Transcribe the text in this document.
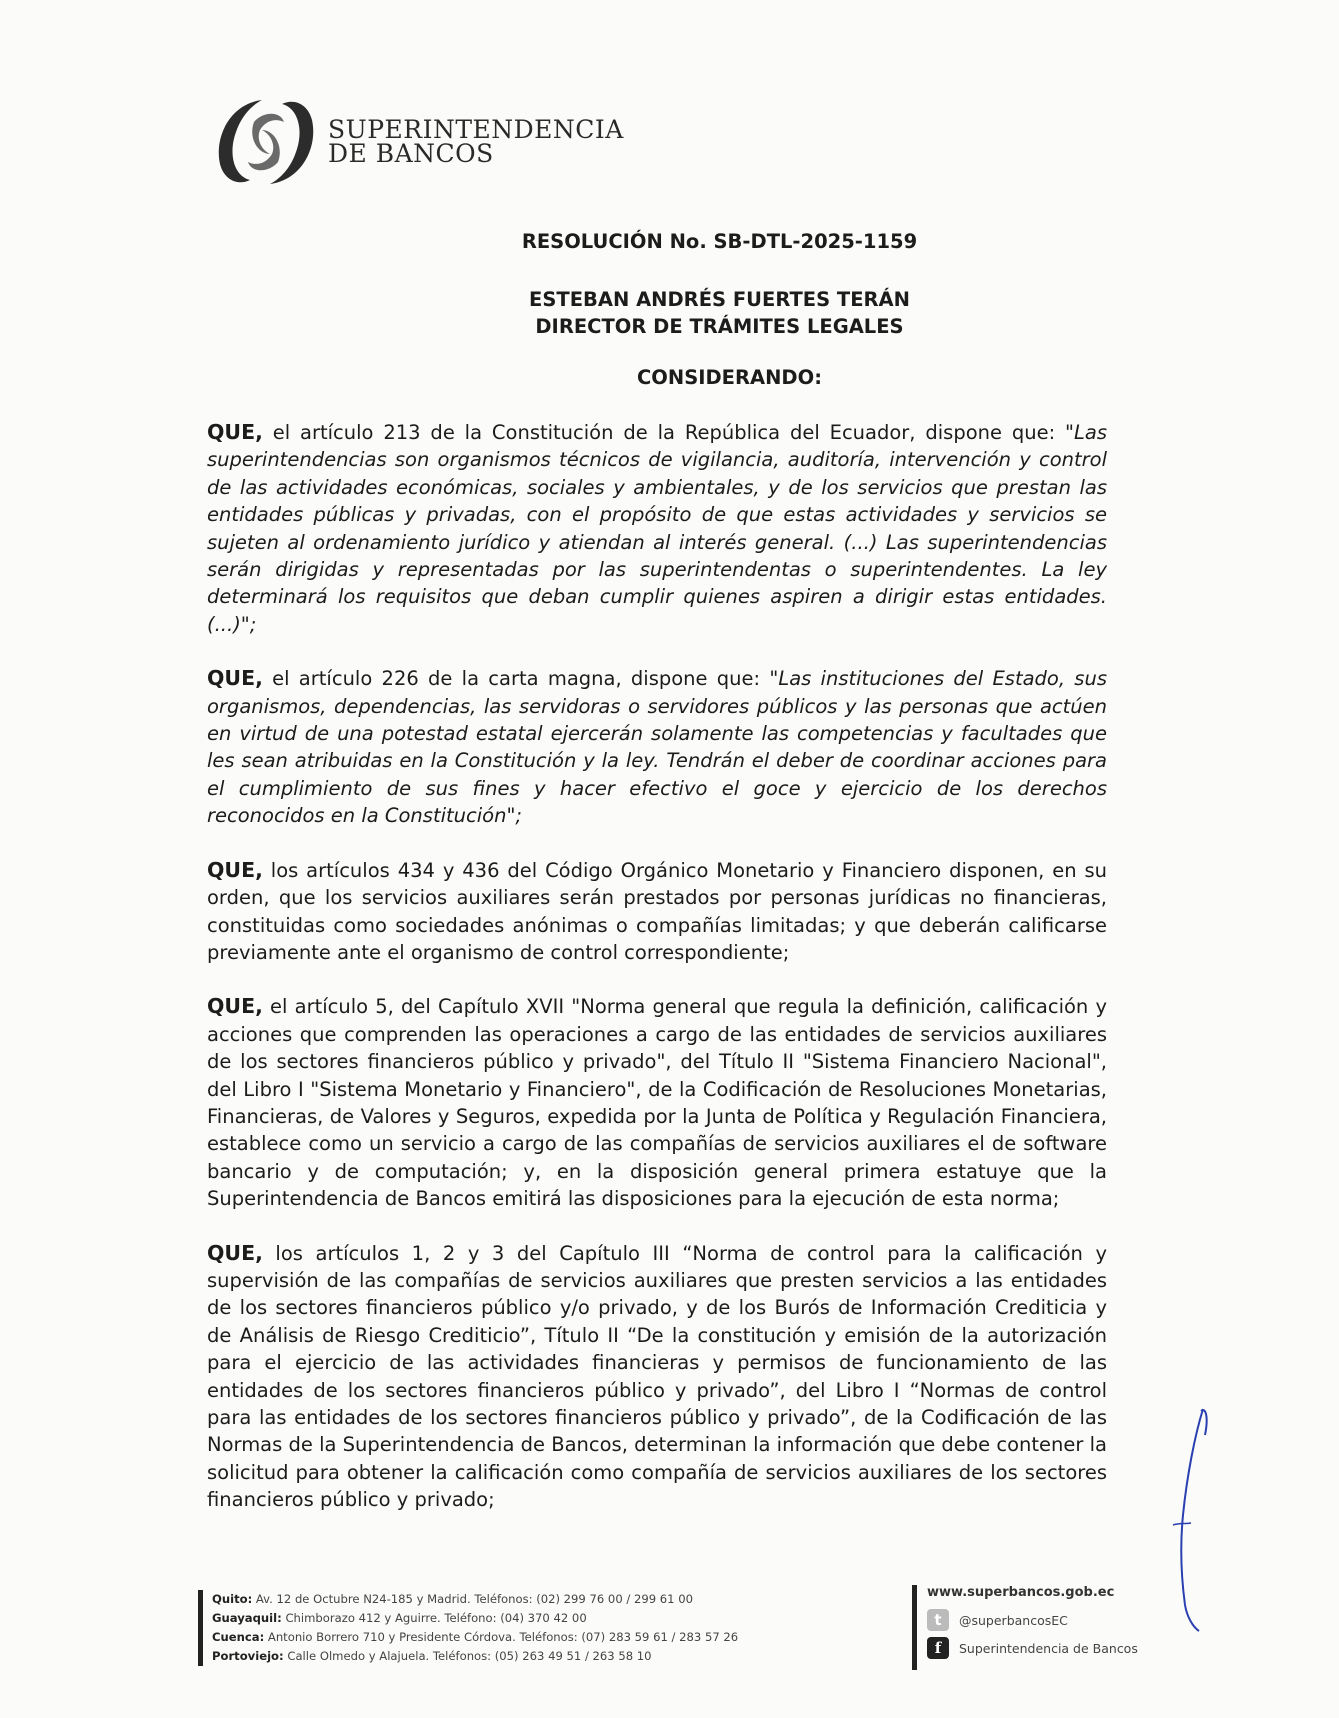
SUPERINTENDENCIA
DE BANCOS
RESOLUCIÓN No. SB-DTL-2025-1159
ESTEBAN ANDRÉS FUERTES TERÁN
DIRECTOR DE TRÁMITES LEGALES
CONSIDERANDO:

QUE, el artículo 213 de la Constitución de la República del Ecuador, dispone que: "Las superintendencias son organismos técnicos de vigilancia, auditoría, intervención y control de las actividades económicas, sociales y ambientales, y de los servicios que prestan las entidades públicas y privadas, con el propósito de que estas actividades y servicios se sujeten al ordenamiento jurídico y atiendan al interés general. (...) Las superintendencias serán dirigidas y representadas por las superintendentas o superintendentes. La ley determinará los requisitos que deban cumplir quienes aspiren a dirigir estas entidades. (...)";

QUE, el artículo 226 de la carta magna, dispone que: "Las instituciones del Estado, sus organismos, dependencias, las servidoras o servidores públicos y las personas que actúen en virtud de una potestad estatal ejercerán solamente las competencias y facultades que les sean atribuidas en la Constitución y la ley. Tendrán el deber de coordinar acciones para el cumplimiento de sus fines y hacer efectivo el goce y ejercicio de los derechos reconocidos en la Constitución";

QUE, los artículos 434 y 436 del Código Orgánico Monetario y Financiero disponen, en su orden, que los servicios auxiliares serán prestados por personas jurídicas no financieras, constituidas como sociedades anónimas o compañías limitadas; y que deberán calificarse previamente ante el organismo de control correspondiente;

QUE, el artículo 5, del Capítulo XVII "Norma general que regula la definición, calificación y acciones que comprenden las operaciones a cargo de las entidades de servicios auxiliares de los sectores financieros público y privado", del Título II "Sistema Financiero Nacional", del Libro I "Sistema Monetario y Financiero", de la Codificación de Resoluciones Monetarias, Financieras, de Valores y Seguros, expedida por la Junta de Política y Regulación Financiera, establece como un servicio a cargo de las compañías de servicios auxiliares el de software bancario y de computación; y, en la disposición general primera estatuye que la Superintendencia de Bancos emitirá las disposiciones para la ejecución de esta norma;

QUE, los artículos 1, 2 y 3 del Capítulo III “Norma de control para la calificación y supervisión de las compañías de servicios auxiliares que presten servicios a las entidades de los sectores financieros público y/o privado, y de los Burós de Información Crediticia y de Análisis de Riesgo Crediticio”, Título II “De la constitución y emisión de la autorización para el ejercicio de las actividades financieras y permisos de funcionamiento de las entidades de los sectores financieros público y privado”, del Libro I “Normas de control para las entidades de los sectores financieros público y privado”, de la Codificación de las Normas de la Superintendencia de Bancos, determinan la información que debe contener la solicitud para obtener la calificación como compañía de servicios auxiliares de los sectores financieros público y privado;

Quito: Av. 12 de Octubre N24-185 y Madrid. Teléfonos: (02) 299 76 00 / 299 61 00
Guayaquil: Chimborazo 412 y Aguirre. Teléfono: (04) 370 42 00
Cuenca: Antonio Borrero 710 y Presidente Córdova. Teléfonos: (07) 283 59 61 / 283 57 26
Portoviejo: Calle Olmedo y Alajuela. Teléfonos: (05) 263 49 51 / 263 58 10
www.superbancos.gob.ec
t	@superbancosEC
f	Superintendencia de Bancos
